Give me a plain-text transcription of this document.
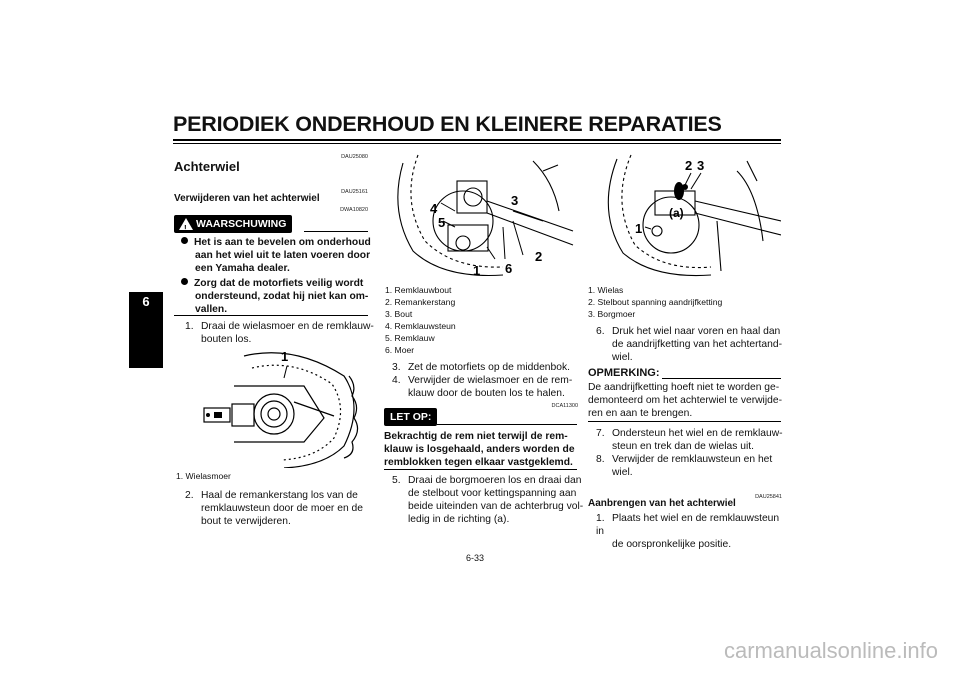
PERIODIEK ONDERHOUD EN KLEINERE REPARATIES
6
DAU25080
Achterwiel
DAU25161
Verwijderen van het achterwiel
DWA10820
!
WAARSCHUWING
Het is aan te bevelen om onderhoud
aan het wiel uit te laten voeren door
een Yamaha dealer.
Zorg dat de motorfiets veilig wordt
ondersteund, zodat hij niet kan om-
vallen.
1. Draai de wielasmoer en de remklauw-
bouten los.
1
1. Wielasmoer
2. Haal de remankerstang los van de
remklauwsteun door de moer en de
bout te verwijderen.
3
4
5
1 6
2
1. Remklauwbout
2. Remankerstang
3. Bout
4. Remklauwsteun
5. Remklauw
6. Moer
3. Zet de motorfiets op de middenbok.
4. Verwijder de wielasmoer en de rem-
klauw door de bouten los te halen.
DCA11300
LET OP:
Bekrachtig de rem niet terwijl de rem-
klauw is losgehaald, anders worden de
remblokken tegen elkaar vastgeklemd.
5. Draai de borgmoeren los en draai dan
de stelbout voor kettingspanning aan
beide uiteinden van de achterbrug vol-
ledig in de richting (a).
2 3
(a)
1
1. Wielas
2. Stelbout spanning aandrijfketting
3. Borgmoer
6. Druk het wiel naar voren en haal dan
de aandrijfketting van het achtertand-
wiel.
OPMERKING:
De aandrijfketting hoeft niet te worden ge-
demonteerd om het achterwiel te verwijde-
ren en aan te brengen.
7. Ondersteun het wiel en de remklauw-
steun en trek dan de wielas uit.
8. Verwijder de remklauwsteun en het
wiel.
DAU25841
Aanbrengen van het achterwiel
1. Plaats het wiel en de remklauwsteun in
de oorspronkelijke positie.
6-33
carmanualsonline.info
